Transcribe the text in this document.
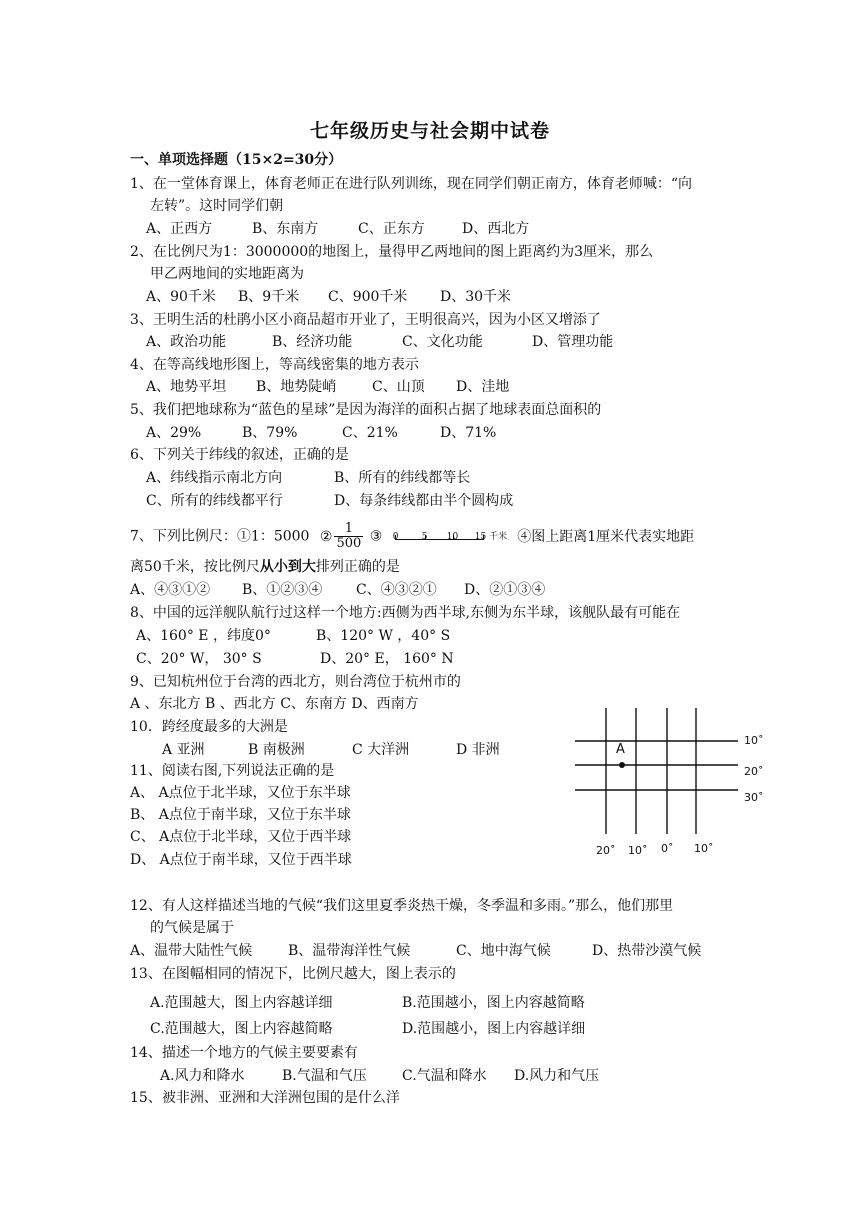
七年级历史与社会期中试卷
一、单项选择题（15×2=30分）
1、在一堂体育课上，体育老师正在进行队列训练，现在同学们朝正南方，体育老师喊：“向
左转”。这时同学们朝
A、正西方	B、东南方	C、正东方	D、西北方
2、在比例尺为1：3000000的地图上，量得甲乙两地间的图上距离约为3厘米，那么
甲乙两地间的实地距离为
A、90千米 B、9千米 C、900千米 D、30千米
3、王明生活的杜鹃小区小商品超市开业了，王明很高兴，因为小区又增添了
A、政治功能	B、经济功能	C、文化功能	D、管理功能
4、在等高线地形图上，等高线密集的地方表示
A、地势平坦 B、地势陡峭	C、山顶 D、洼地
5、我们把地球称为“蓝色的星球”是因为海洋的面积占据了地球表面总面积的
A、29%	B、79%	C、21%	D、71%
6、下列关于纬线的叙述，正确的是
A、纬线指示南北方向	B、所有的纬线都等长
C、所有的纬线都平行	D、每条纬线都由半个圆构成
7、下列比例尺：①1：5000 ② $\frac{1}{500}$ ③ 0	5 10 15 千米 ④图上距离1厘米代表实地距
离50千米，按比例尺从小到大排列正确的是
A、④③①② B、①②③④ C、④③②① D、②①③④
8、中国的远洋舰队航行过这样一个地方:西侧为西半球,东侧为东半球，该舰队最有可能在
A、160° E ，纬度0°	B、120° W ，40° S
C、20° W， 30° S	D、20° E， 160° N
9、已知杭州位于台湾的西北方，则台湾位于杭州市的
A 、东北方 B 、西北方 C、东南方 D、西南方
10．跨经度最多的大洲是
A 亚洲	B 南极洲	C 大洋洲	D 非洲
11、阅读右图,下列说法正确的是
A、 A点位于北半球，又位于东半球
B、 A点位于南半球，又位于东半球
C、 A点位于北半球，又位于西半球
D、 A点位于南半球，又位于西半球
A
10˚
20˚
30˚
20˚ 10˚ 0˚ 10˚
12、有人这样描述当地的气候“我们这里夏季炎热干燥，冬季温和多雨。”那么，他们那里
的气候是属于
A、温带大陆性气候	B、温带海洋性气候	C、地中海气候	D、热带沙漠气候
13、在图幅相同的情况下，比例尺越大，图上表示的
A.范围越大，图上内容越详细	B.范围越小，图上内容越简略
C.范围越大，图上内容越简略	D.范围越小，图上内容越详细
14、描述一个地方的气候主要要素有
A.风力和降水	B.气温和气压	C.气温和降水 D.风力和气压
15、被非洲、亚洲和大洋洲包围的是什么洋
